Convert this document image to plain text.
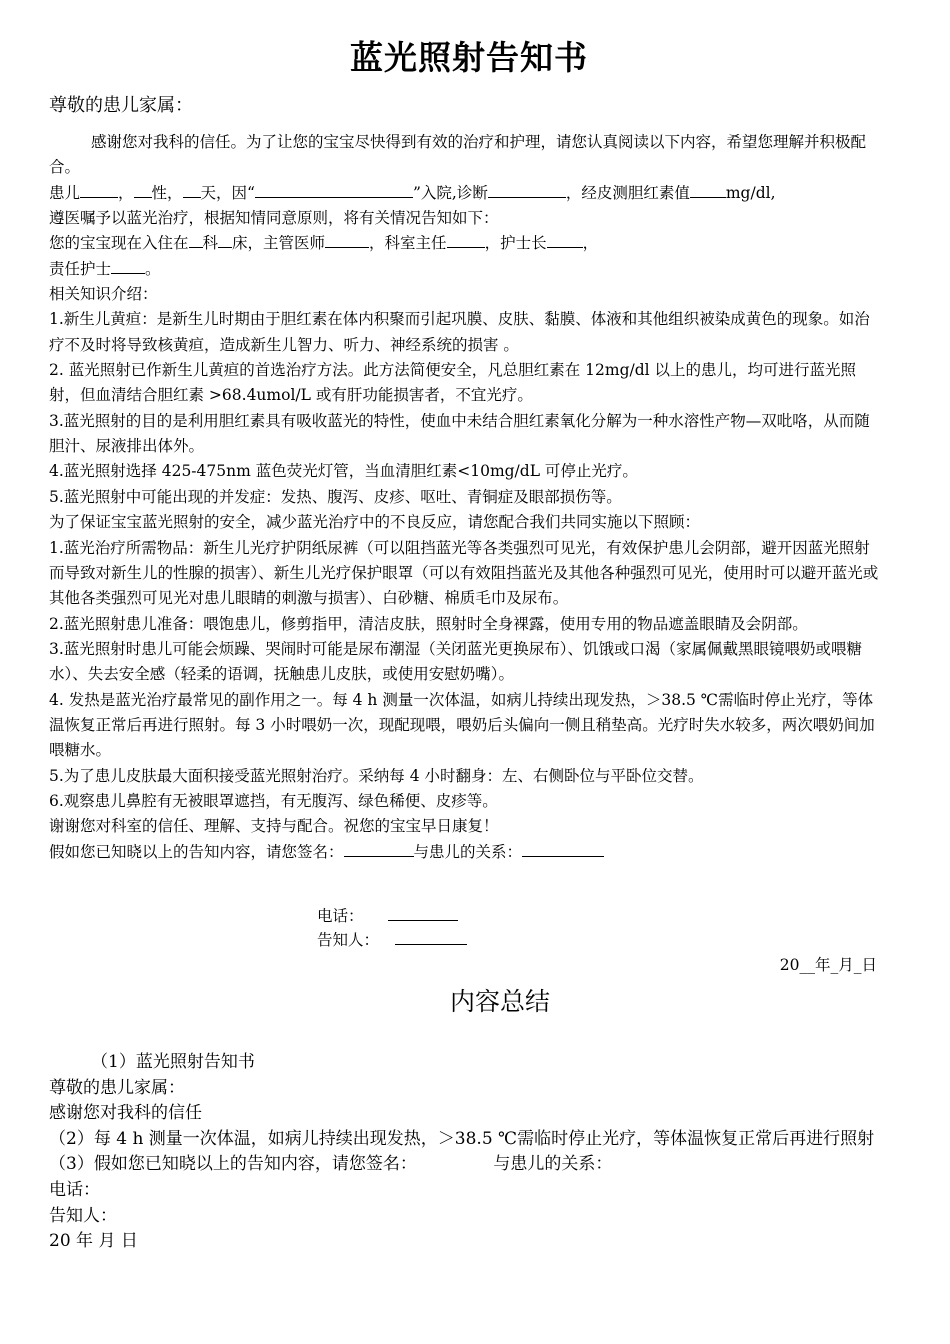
蓝光照射告知书
尊敬的患儿家属：

感谢您对我科的信任。为了让您的宝宝尽快得到有效的治疗和护理，请您认真阅读以下内容，希望您理解并积极配合。

患儿 ， 性， 天，因“	”入院,诊断	，经皮测胆红素值 mg/dl,

遵医嘱予以蓝光治疗，根据知情同意原则，将有关情况告知如下：

您的宝宝现在入住在 科 床，主管医师	，科室主任 ，护士长 ，

责任护士 。

相关知识介绍：

1.新生儿黄疸：是新生儿时期由于胆红素在体内积聚而引起巩膜、皮肤、黏膜、体液和其他组织被染成黄色的现象。如治疗不及时将导致核黄疸，造成新生儿智力、听力、神经系统的损害 。

2. 蓝光照射已作新生儿黄疸的首选治疗方法。此方法简便安全，凡总胆红素在 12mg/dl 以上的患儿，均可进行蓝光照射，但血清结合胆红素 >68.4umol/L 或有肝功能损害者，不宜光疗。

3.蓝光照射的目的是利用胆红素具有吸收蓝光的特性，使血中未结合胆红素氧化分解为一种水溶性产物—双吡咯，从而随胆汁、尿液排出体外。

4.蓝光照射选择 425-475nm 蓝色荧光灯管，当血清胆红素<10mg/dL 可停止光疗。

5.蓝光照射中可能出现的并发症：发热、腹泻、皮疹、呕吐、青铜症及眼部损伤等。

为了保证宝宝蓝光照射的安全，减少蓝光治疗中的不良反应，请您配合我们共同实施以下照顾：

1.蓝光治疗所需物品：新生儿光疗护阴纸尿裤（可以阻挡蓝光等各类强烈可见光，有效保护患儿会阴部，避开因蓝光照射而导致对新生儿的性腺的损害）、新生儿光疗保护眼罩（可以有效阻挡蓝光及其他各种强烈可见光，使用时可以避开蓝光或其他各类强烈可见光对患儿眼睛的刺激与损害）、白砂糖、棉质毛巾及尿布。

2.蓝光照射患儿准备：喂饱患儿，修剪指甲，清洁皮肤，照射时全身裸露，使用专用的物品遮盖眼睛及会阴部。

3.蓝光照射时患儿可能会烦躁、哭闹时可能是尿布潮湿（关闭蓝光更换尿布）、饥饿或口渴（家属佩戴黑眼镜喂奶或喂糖水）、失去安全感（轻柔的语调，抚触患儿皮肤，或使用安慰奶嘴）。

4. 发热是蓝光治疗最常见的副作用之一。每 4 h 测量一次体温，如病儿持续出现发热，＞38.5 ℃需临时停止光疗，等体温恢复正常后再进行照射。每 3 小时喂奶一次，现配现喂，喂奶后头偏向一侧且稍垫高。光疗时失水较多，两次喂奶间加喂糖水。

5.为了患儿皮肤最大面积接受蓝光照射治疗。采纳每 4 小时翻身：左、右侧卧位与平卧位交替。

6.观察患儿鼻腔有无被眼罩遮挡，有无腹泻、绿色稀便、皮疹等。

谢谢您对科室的信任、理解、支持与配合。祝您的宝宝早日康复！

假如您已知晓以上的告知内容，请您签名：	与患儿的关系：

电话：
告知人：
20__年_月_日
内容总结

（1）蓝光照射告知书

尊敬的患儿家属：

感谢您对我科的信任

（2）每 4 h 测量一次体温，如病儿持续出现发热，＞38.5 ℃需临时停止光疗，等体温恢复正常后再进行照射

（3）假如您已知晓以上的告知内容，请您签名：　　　　　与患儿的关系：

电话：

告知人：

20 年 月 日
